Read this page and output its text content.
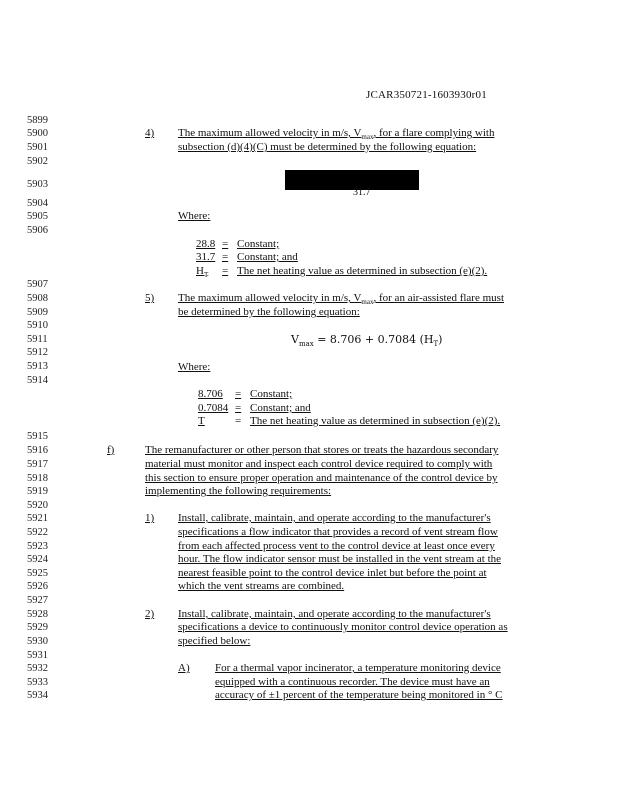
JCAR350721-1603930r01
5899
5900
5901
5902
5903
5904
5905
5906
5907
5908
5909
5910
5911
5912
5913
5914
5915
5916
5917
5918
5919
5920
5921
5922
5923
5924
5925
5926
5927
5928
5929
5930
5931
5932
5933
5934
4) The maximum allowed velocity in m/s, $V_{max}$, for a flare complying with
subsection (d)(4)(C) must be determined by the following equation:
31.7
Where:
28.8 = Constant;
31.7 = Constant; and
$H_T$ = The net heating value as determined in subsection (e)(2).
5) The maximum allowed velocity in m/s, $V_{max}$, for an air-assisted flare must
be determined by the following equation:
$V_{max} = 8.706 + 0.7084$ $(H_T)$
Where:
8.706 = Constant;
0.7084 = Constant; and
T	= The net heating value as determined in subsection (e)(2).
f)	The remanufacturer or other person that stores or treats the hazardous secondary
material must monitor and inspect each control device required to comply with
this section to ensure proper operation and maintenance of the control device by
implementing the following requirements:
1) Install, calibrate, maintain, and operate according to the manufacturer's
specifications a flow indicator that provides a record of vent stream flow
from each affected process vent to the control device at least once every
hour. The flow indicator sensor must be installed in the vent stream at the
nearest feasible point to the control device inlet but before the point at
which the vent streams are combined.
2) Install, calibrate, maintain, and operate according to the manufacturer's
specifications a device to continuously monitor control device operation as
specified below:
A) For a thermal vapor incinerator, a temperature monitoring device
equipped with a continuous recorder. The device must have an
accuracy of ±1 percent of the temperature being monitored in ° C
